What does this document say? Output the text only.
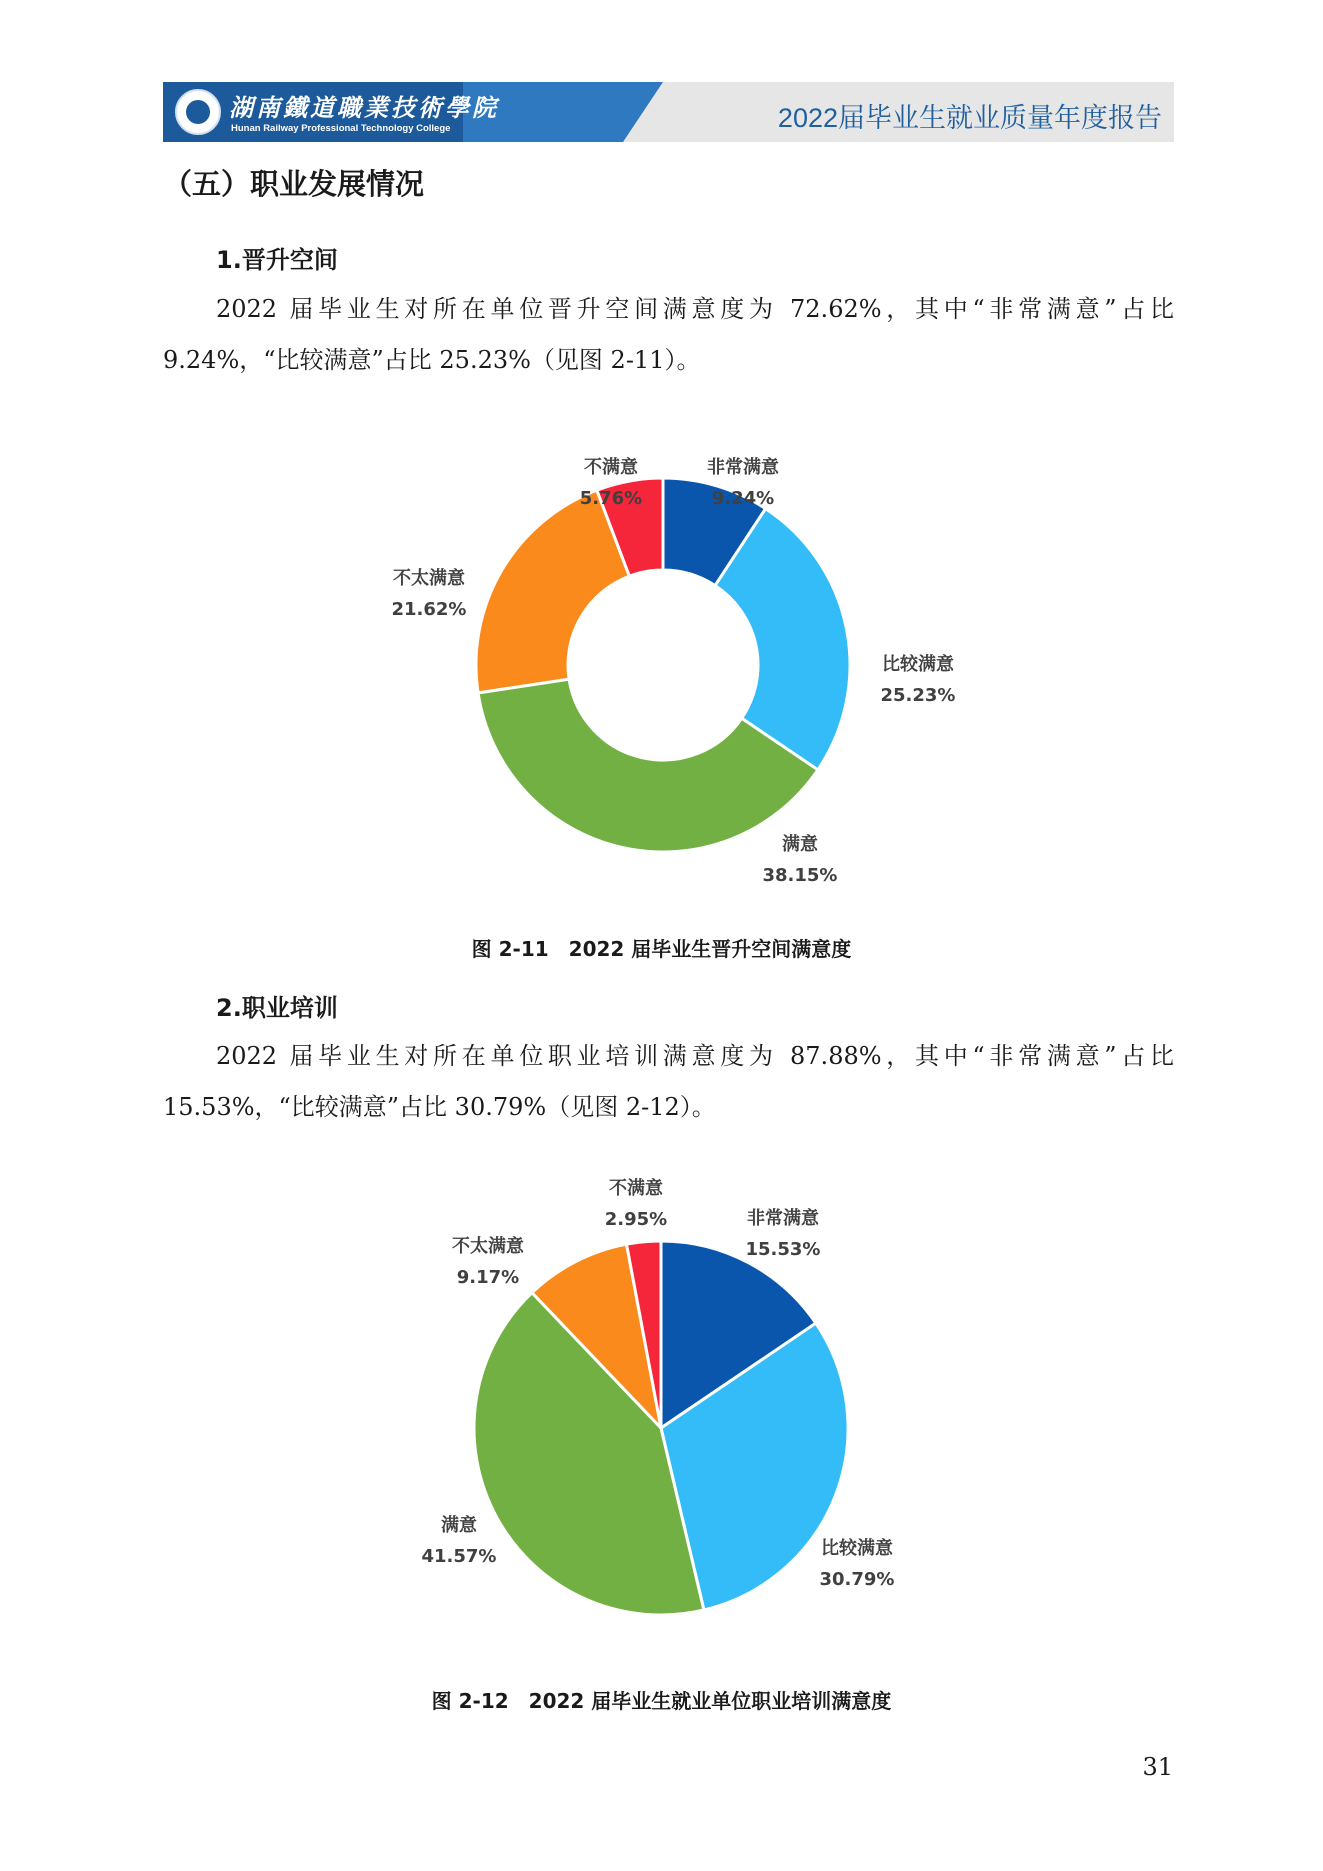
湖南鐵道職業技術學院
Hunan Railway Professional Technology College	2022届毕业生就业质量年度报告
（五）职业发展情况
1.晋升空间
2022 届毕业生对所在单位晋升空间满意度为 72.62%，其中“非常满意”占比 9.24%，“比较满意”占比 25.23%（见图 2-11）。
非常满意
9.24%
比较满意
25.23%
满意
38.15%
不太满意
21.62%
不满意
5.76%
图 2-11　2022 届毕业生晋升空间满意度
2.职业培训
2022 届毕业生对所在单位职业培训满意度为 87.88%，其中“非常满意”占比 15.53%，“比较满意”占比 30.79%（见图 2-12）。
非常满意
15.53%
比较满意
30.79%
满意
41.57%
不太满意
9.17%
不满意
2.95%
图 2-12　2022 届毕业生就业单位职业培训满意度
31
